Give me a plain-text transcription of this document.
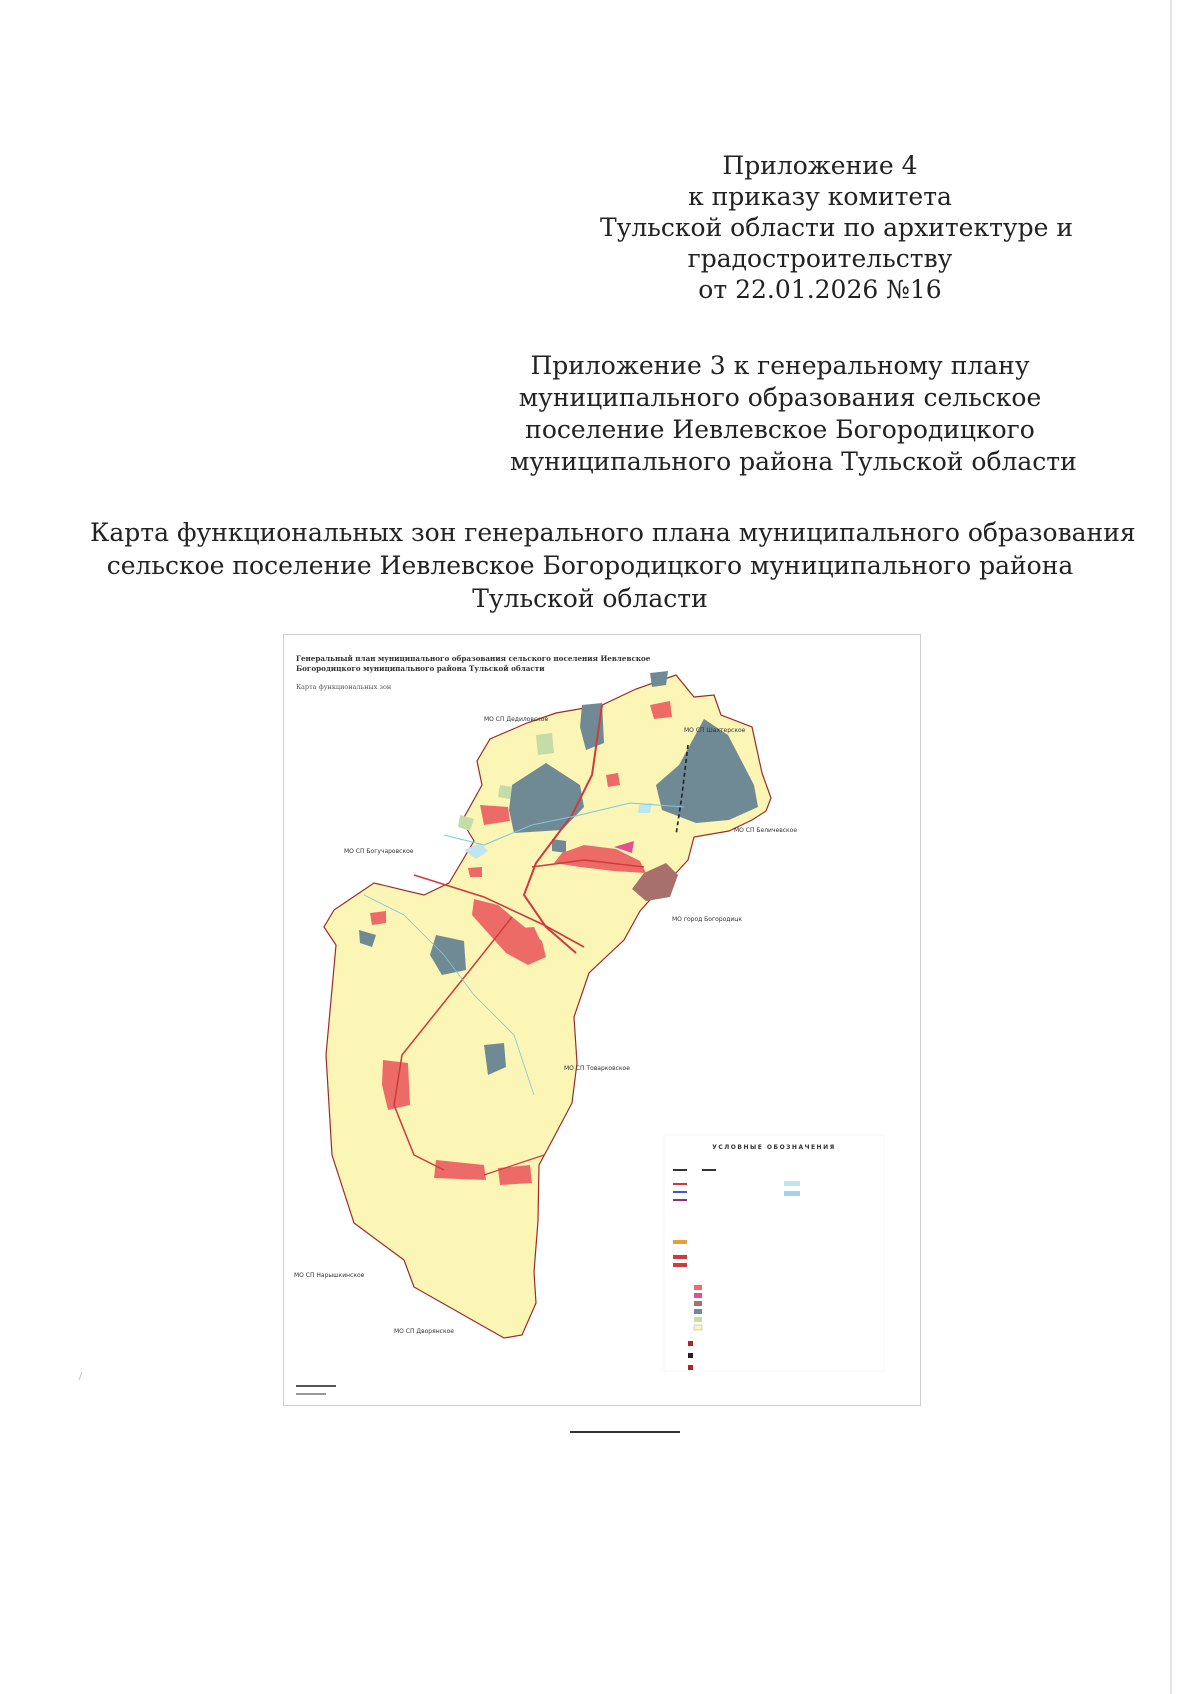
Приложение 4
к приказу комитета
Тульской области по архитектуре и
градостроительству
от 22.01.2026 №16
Приложение 3 к генеральному плану
муниципального образования сельское
поселение Иевлевское Богородицкого
муниципального района Тульской области
Карта функциональных зон генерального плана муниципального образования
сельское поселение Иевлевское Богородицкого муниципального района
Тульской области
Генеральный план муниципального образования сельского поселения Иевлевское
Богородицкого муниципального района Тульской области
Карта функциональных зон
МО СП Дедиловское
МО СП Шахтерское
МО СП Богучаровское
МО СП Беличевское
МО город Богородицк
МО СП Товарковское
МО СП Нарышкинское
МО СП Дворянское
УСЛОВНЫЕ ОБОЗНАЧЕНИЯ
